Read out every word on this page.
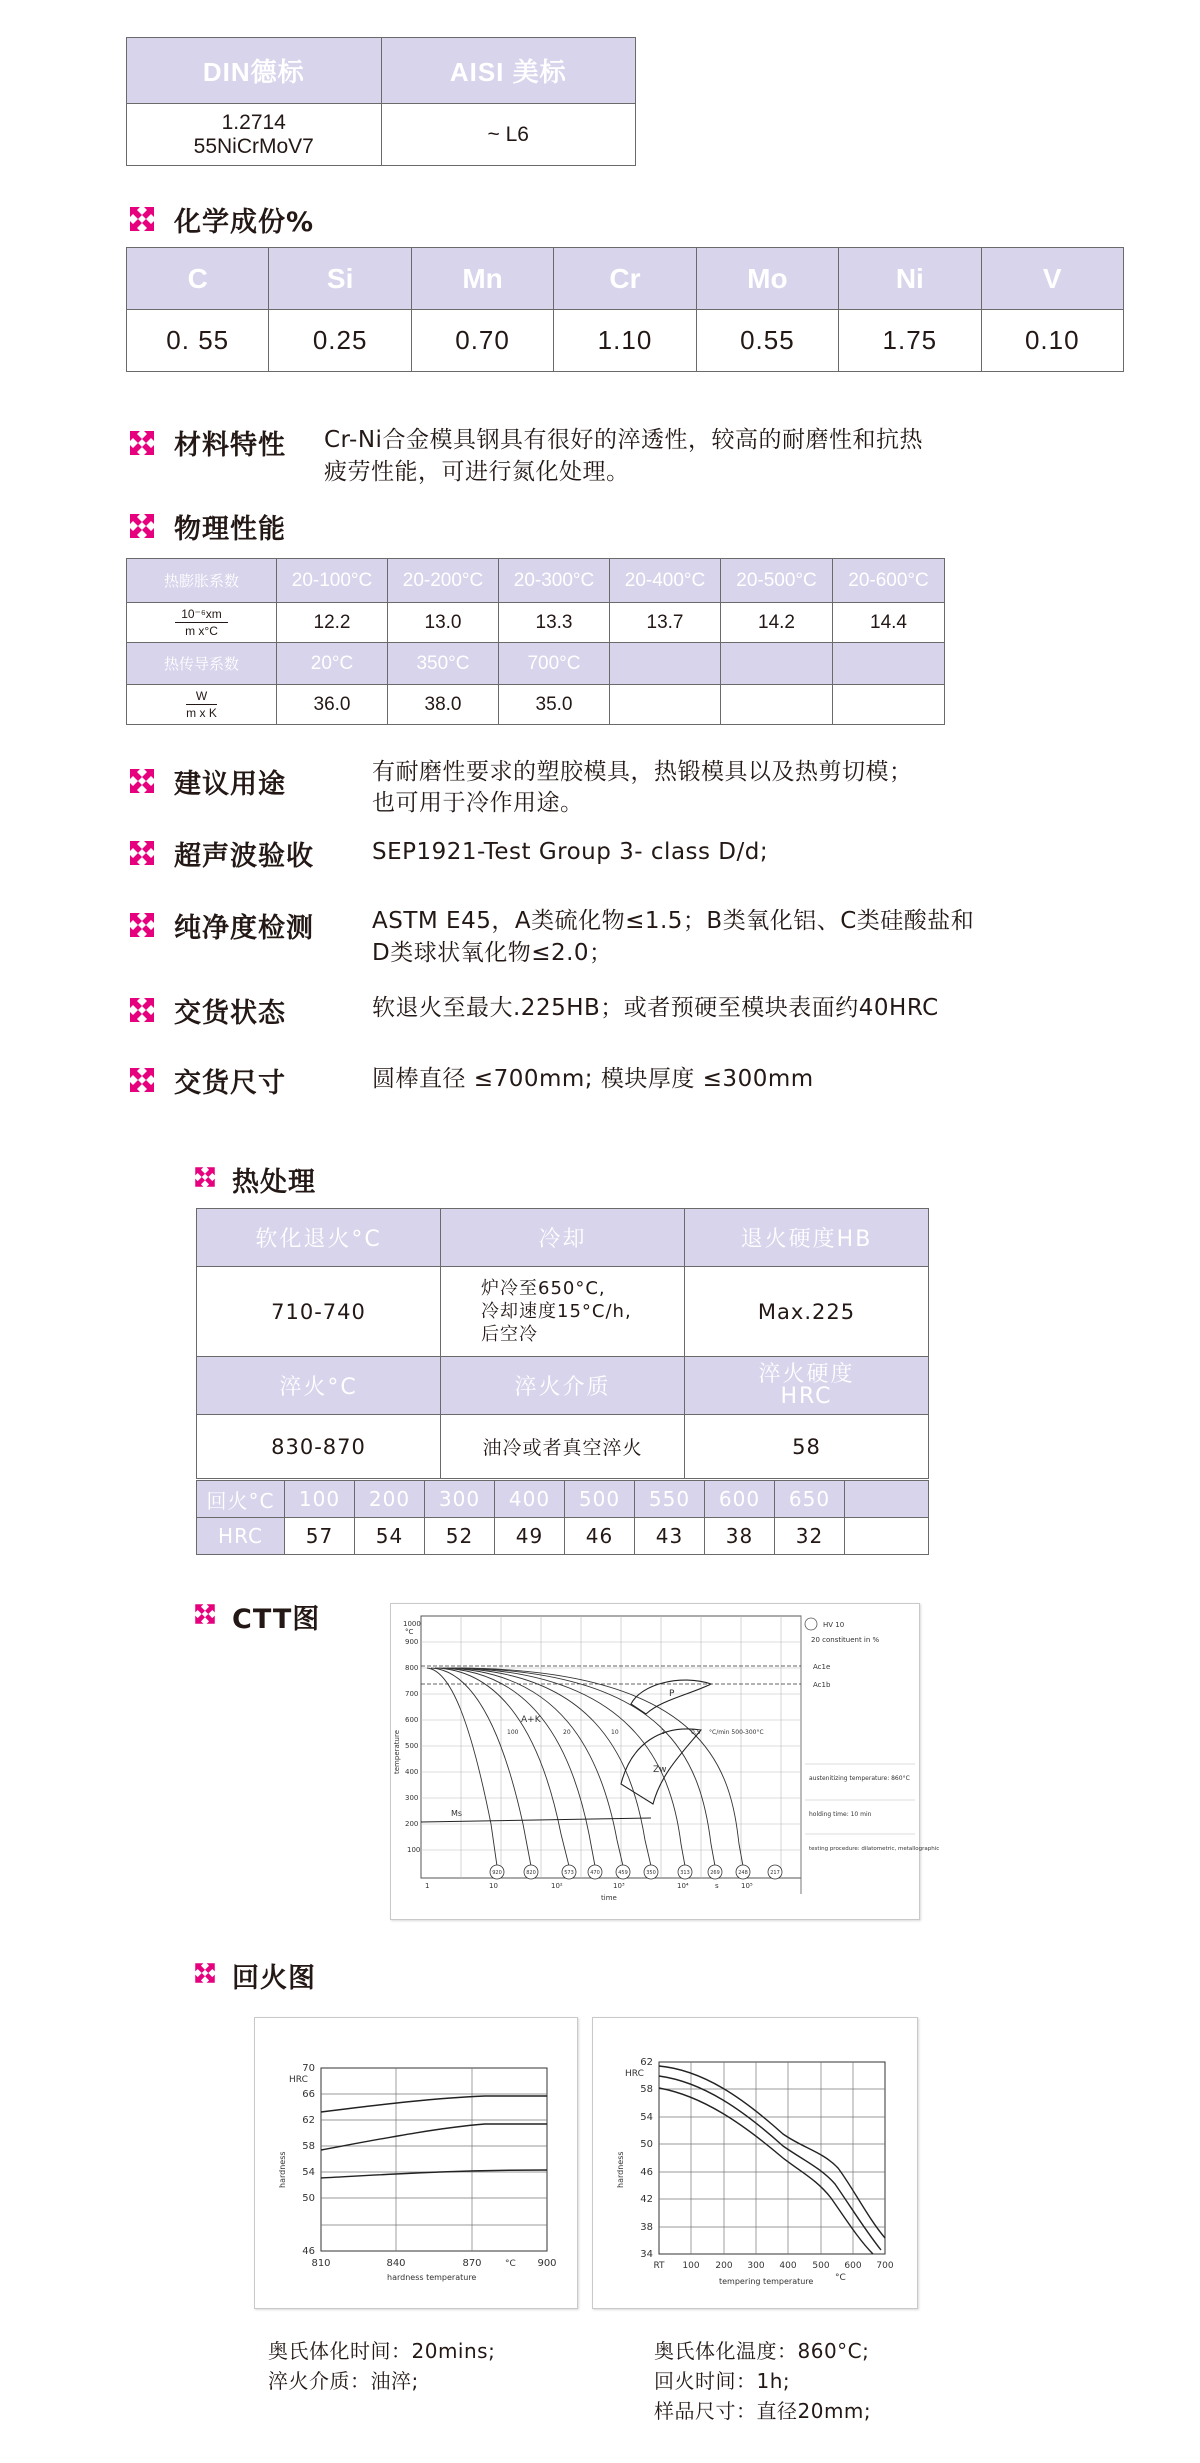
DIN德标	AISI 美标

1.2714
55NiCrMoV7	~ L6
化学成份%
C	Si	Mn	Cr	Mo	Ni	V
0. 55	0.25	0.70	1.10	0.55	1.75	0.10
材料特性 Cr-Ni合金模具钢具有很好的淬透性，较高的耐磨性和抗热
疲劳性能，可进行氮化处理。
物理性能
热膨胀系数	20-100°C	20-200°C	20-300°C	20-400°C	20-500°C	20-600°C

$\frac{\text{10⁻⁶xm}}{\text{m x°C}}$	12.2	13.0	13.3	13.7	14.2	14.4
热传导系数	20°C	350°C	700°C			

$\frac{W}{\text{m x K}}$	36.0	38.0	35.0			
建议用途	有耐磨性要求的塑胶模具，热锻模具以及热剪切模；
也可用于冷作用途。
超声波验收	SEP1921-Test Group 3- class D/d;
纯净度检测	ASTM E45，A类硫化物≤1.5；B类氧化铝、C类硅酸盐和
D类球状氧化物≤2.0；
交货状态	软退火至最大.225HB；或者预硬至模块表面约40HRC
交货尺寸	圆棒直径 ≤700mm; 模块厚度 ≤300mm
热处理
软化退火°C	冷却	退火硬度HB
710-740	炉冷至650°C,
冷却速度15°C/h,
后空冷	Max.225
淬火°C	淬火介质	淬火硬度
HRC

830-870	油冷或者真空淬火	58
回火°C	100	200	300	400	500	550	600	650	
HRC	57	54	52	49	46	43	38	32	
CTT图	1000
°C
900
800
700
600
500
400
300
200
100
temperature
1	10	10²	10³	10⁴	s	10⁵
time
A+K
P
Zw
Ms
100	20	10	2	0,5 °C/min 500-300°C
920	820	573	470	459	350	313	269	248	217
HV 10
20 constituent in %
Ac1e
Ac1b
austenitizing temperature: 860°C
holding time: 10 min
testing procedure: dilatometric, metallographic
回火图
70
66
62
58
54
50
46
HRC
hardness
810	840	870	900
°C
hardness temperature
62
58
54
50
46
42
38
34
HRC
hardness
RT 100 200 300 400 500 600 700
°C
tempering temperature
奥氏体化时间：20mins;
淬火介质：油淬;
奥氏体化温度：860°C;
回火时间：1h;
样品尺寸：直径20mm;
